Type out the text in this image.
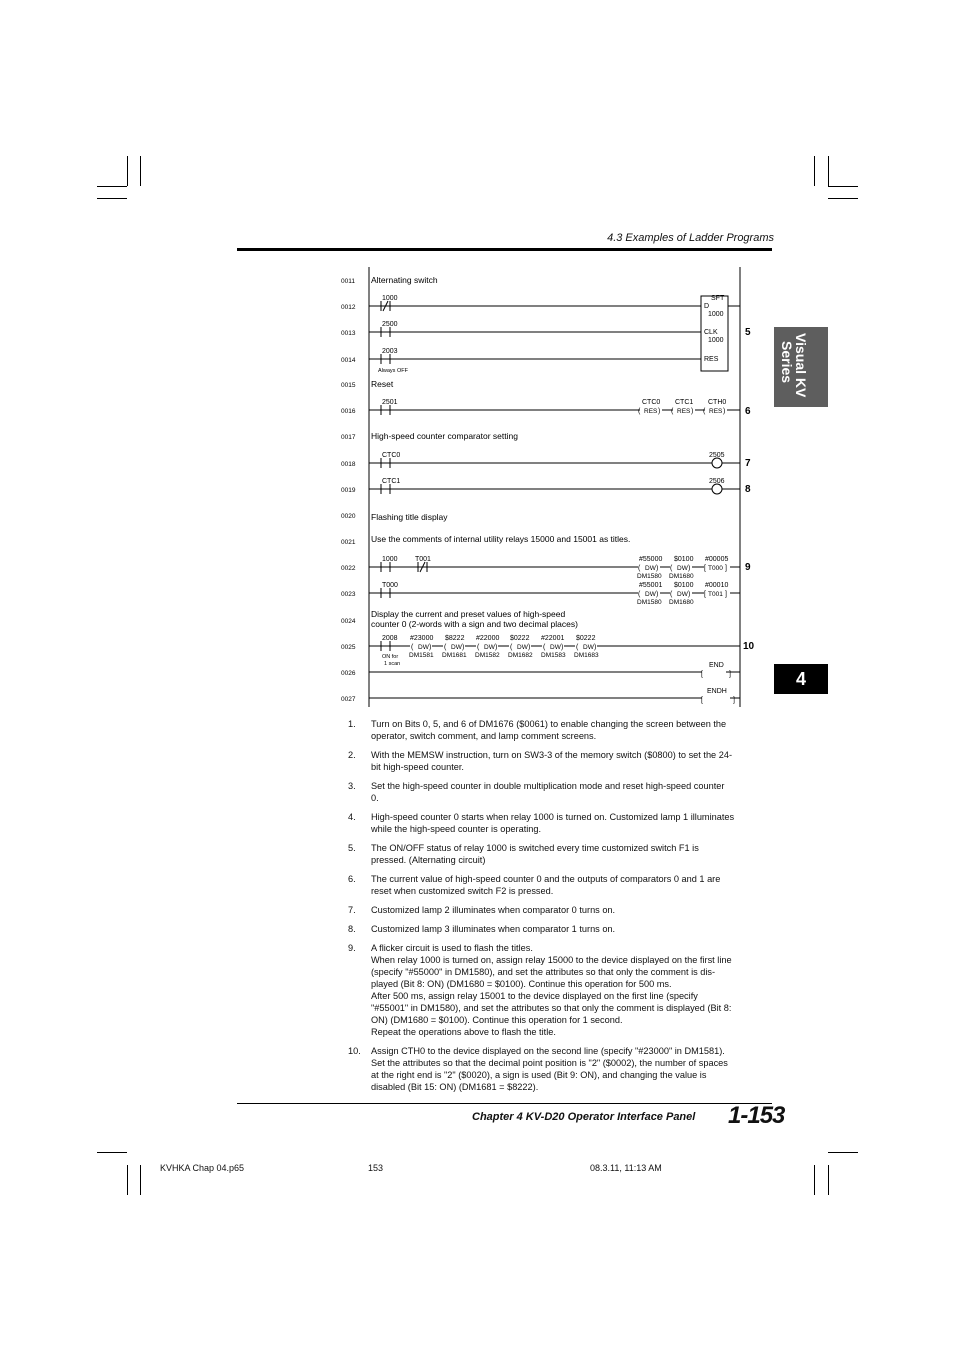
4.3 Examples of Ladder Programs
Visual KV
Series
4
0011
0012
0013
0014
0015
0016
0017
0018
0019
0020
0021
0022
0023
0024
0025
0026
0027
Alternating switch
Reset
High-speed counter comparator setting
Flashing title display
Use the comments of internal utility relays 15000 and 15001 as titles.
Display the current and preset values of high-speed
counter 0 (2-words with a sign and two decimal places)
1000	SFT
D
1000
2500
CLK
1000
2003
Always OFF
RES
2501	CTC0 CTC1 CTH0
( RES ) ( RES ) ( RES )
CTC0	2505
CTC1	2506
1000 T001	#55000 $0100 #00005
( DW ) ( DW ) [ T000 ]
DM1580 DM1680
T000	#55001 $0100 #00010
( DW ) ( DW ) [ T001 ]
DM1580 DM1680
2008
ON for
1 scan
#23000 $8222 #22000 $0222 #22001 $0222
( DW ) ( DW ) ( DW ) ( DW ) ( DW ) ( DW )
DM1581 DM1681 DM1582 DM1682 DM1583 DM1683
[
END
]
[
ENDH
]
5
6
7
8
9
10
1. Turn on Bits 0, 5, and 6 of DM1676 ($0061) to enable changing the screen between the
operator, switch comment, and lamp comment screens.
2. With the MEMSW instruction, turn on SW3-3 of the memory switch ($0800) to set the 24-
bit high-speed counter.
3. Set the high-speed counter in double multiplication mode and reset high-speed counter
0.
4. High-speed counter 0 starts when relay 1000 is turned on. Customized lamp 1 illuminates
while the high-speed counter is operating.
5. The ON/OFF status of relay 1000 is switched every time customized switch F1 is
pressed. (Alternating circuit)
6. The current value of high-speed counter 0 and the outputs of comparators 0 and 1 are
reset when customized switch F2 is pressed.
7. Customized lamp 2 illuminates when comparator 0 turns on.
8. Customized lamp 3 illuminates when comparator 1 turns on.
9. A flicker circuit is used to flash the titles.
When relay 1000 is turned on, assign relay 15000 to the device displayed on the first line
(specify "#55000" in DM1580), and set the attributes so that only the comment is dis-
played (Bit 8: ON) (DM1680 = $0100). Continue this operation for 500 ms.
After 500 ms, assign relay 15001 to the device displayed on the first line (specify
"#55001" in DM1580), and set the attributes so that only the comment is displayed (Bit 8:
ON) (DM1680 = $0100). Continue this operation for 1 second.
Repeat the operations above to flash the title.
10. Assign CTH0 to the device displayed on the second line (specify "#23000" in DM1581).
Set the attributes so that the decimal point position is "2" ($0002), the number of spaces
at the right end is "2" ($0020), a sign is used (Bit 9: ON), and changing the value is
disabled (Bit 15: ON) (DM1681 = $8222).
Chapter 4 KV-D20 Operator Interface Panel 1-153
KVHKA Chap 04.p65	153	08.3.11, 11:13 AM
